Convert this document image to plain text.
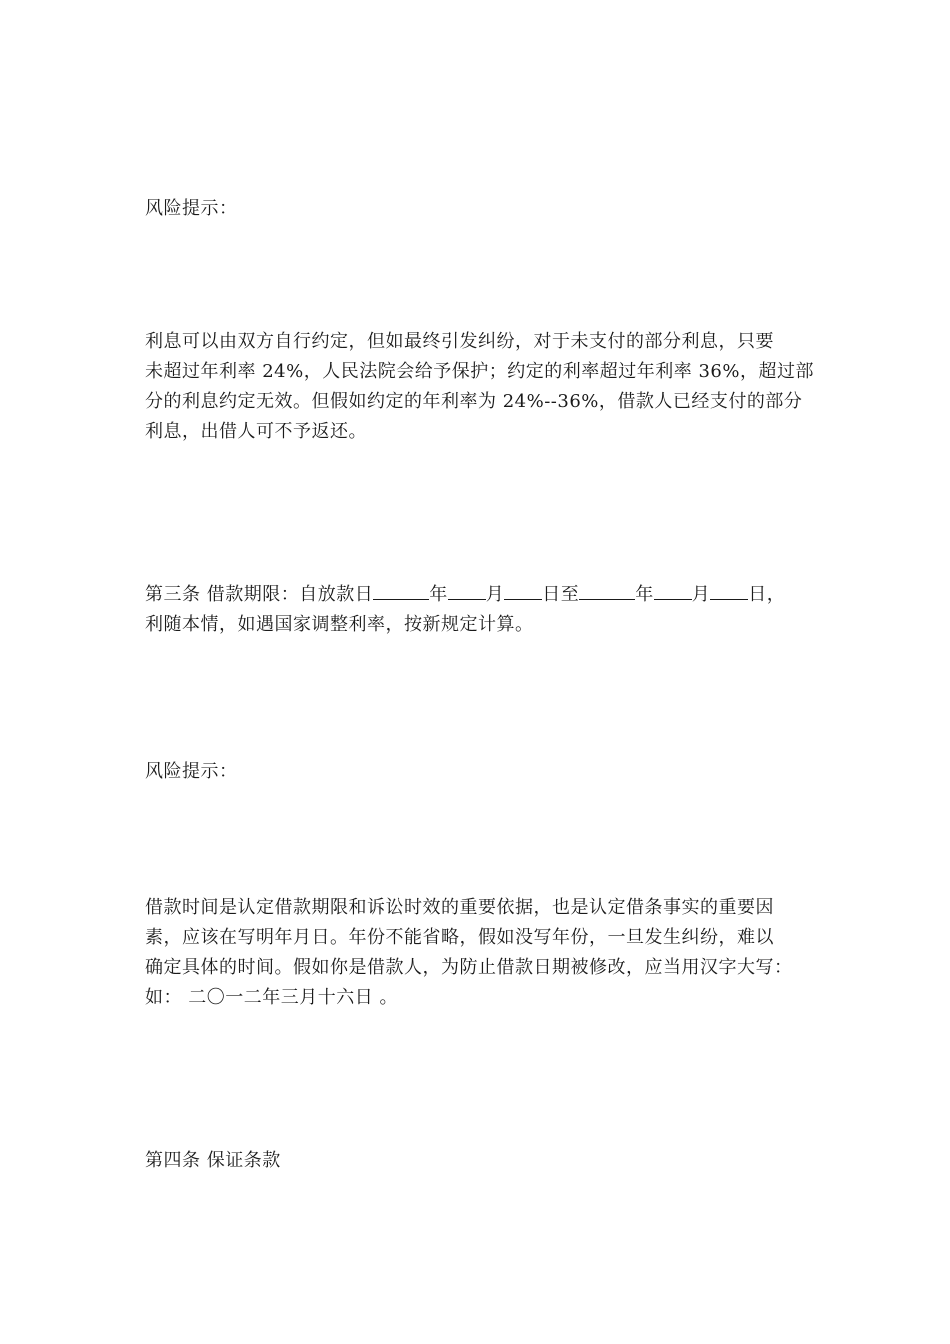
风险提示：
利息可以由双方自行约定，但如最终引发纠纷，对于未支付的部分利息，只要
未超过年利率 24%，人民法院会给予保护；约定的利率超过年利率 36%，超过部
分的利息约定无效。但假如约定的年利率为 24%--36%，借款人已经支付的部分
利息，出借人可不予返还。
第三条 借款期限：自放款日	年 月 日至	年 月 日，
利随本情，如遇国家调整利率，按新规定计算。
风险提示：
借款时间是认定借款期限和诉讼时效的重要依据，也是认定借条事实的重要因
素，应该在写明年月日。年份不能省略，假如没写年份，一旦发生纠纷，难以
确定具体的时间。假如你是借款人，为防止借款日期被修改，应当用汉字大写：
如： 二〇一二年三月十六日 。
第四条 保证条款
